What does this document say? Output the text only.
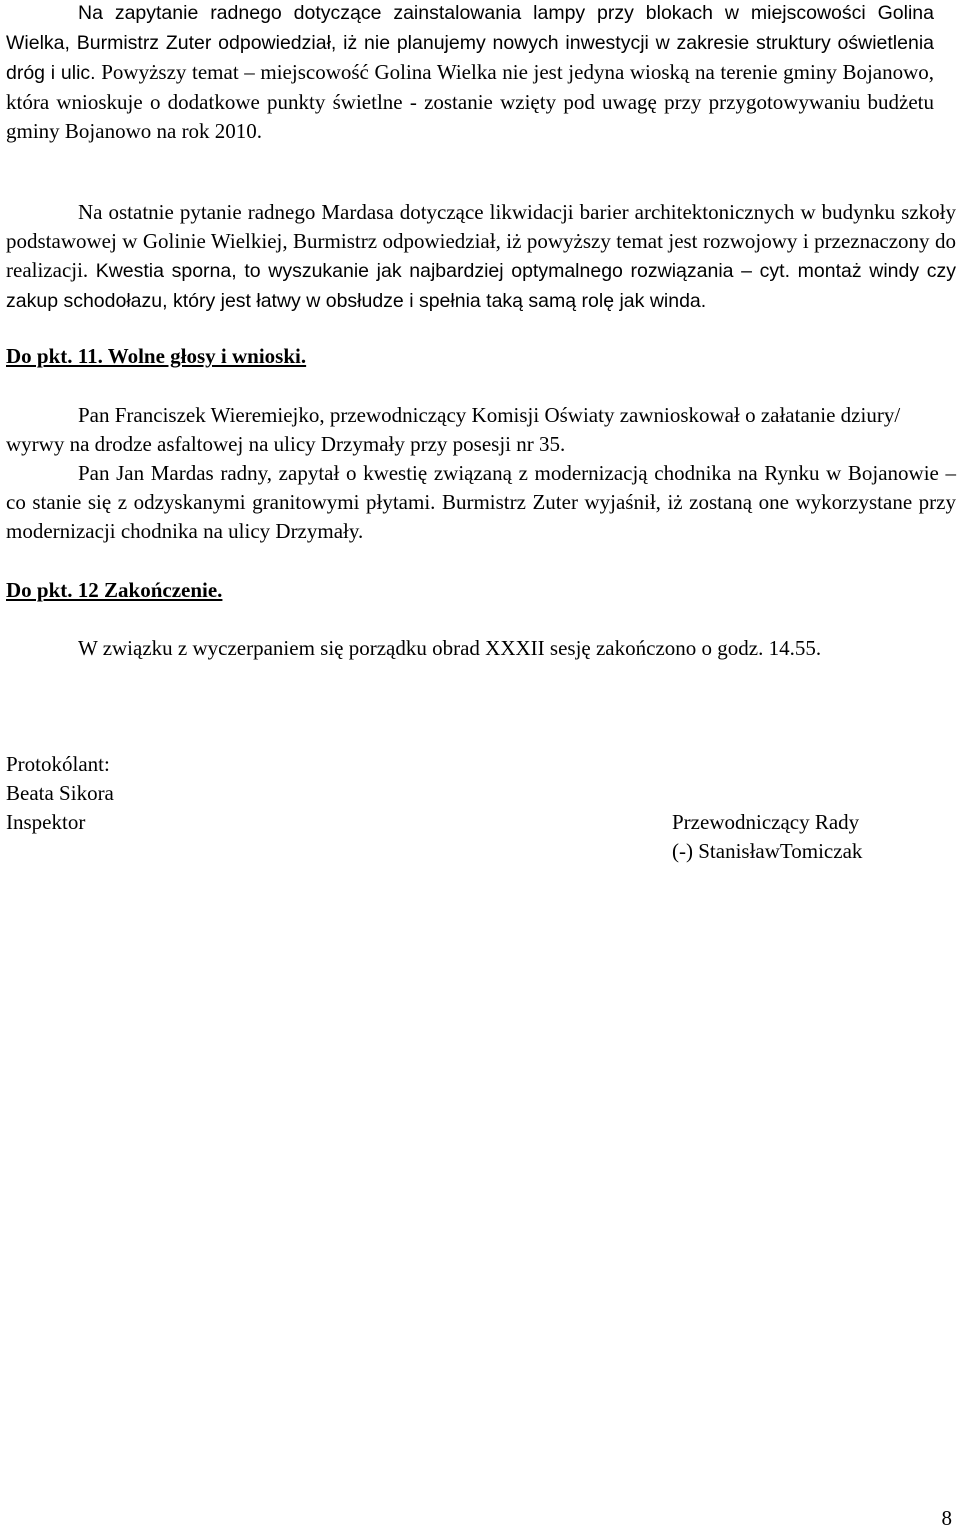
Na zapytanie radnego dotyczące zainstalowania lampy przy blokach w miejscowości Golina Wielka, Burmistrz Zuter odpowiedział, iż nie planujemy nowych inwestycji w zakresie struktury oświetlenia dróg i ulic. Powyższy temat – miejscowość Golina Wielka nie jest jedyna wioską na terenie gminy Bojanowo, która wnioskuje o dodatkowe punkty świetlne - zostanie wzięty pod uwagę przy przygotowywaniu budżetu gminy Bojanowo na rok 2010.

Na ostatnie pytanie radnego Mardasa dotyczące likwidacji barier architektonicznych w budynku szkoły podstawowej w Golinie Wielkiej, Burmistrz odpowiedział, iż powyższy temat jest rozwojowy i przeznaczony do realizacji. Kwestia sporna, to wyszukanie jak najbardziej optymalnego rozwiązania – cyt. montaż windy czy zakup schodołazu, który jest łatwy w obsłudze i spełnia taką samą rolę jak winda.

Do pkt. 11. Wolne głosy i wnioski.

Pan Franciszek Wieremiejko, przewodniczący Komisji Oświaty zawnioskował o załatanie dziury/ wyrwy na drodze asfaltowej na ulicy Drzymały przy posesji nr 35.

Pan Jan Mardas radny, zapytał o kwestię związaną z modernizacją chodnika na Rynku w Bojanowie – co stanie się z odzyskanymi granitowymi płytami. Burmistrz Zuter wyjaśnił, iż zostaną one wykorzystane przy modernizacji chodnika na ulicy Drzymały.

Do pkt. 12 Zakończenie.

W związku z wyczerpaniem się porządku obrad XXXII sesję zakończono o godz. 14.55.

Protokólant:

Beata Sikora

Inspektor	Przewodniczący Rady

(-) StanisławTomiczak

8
